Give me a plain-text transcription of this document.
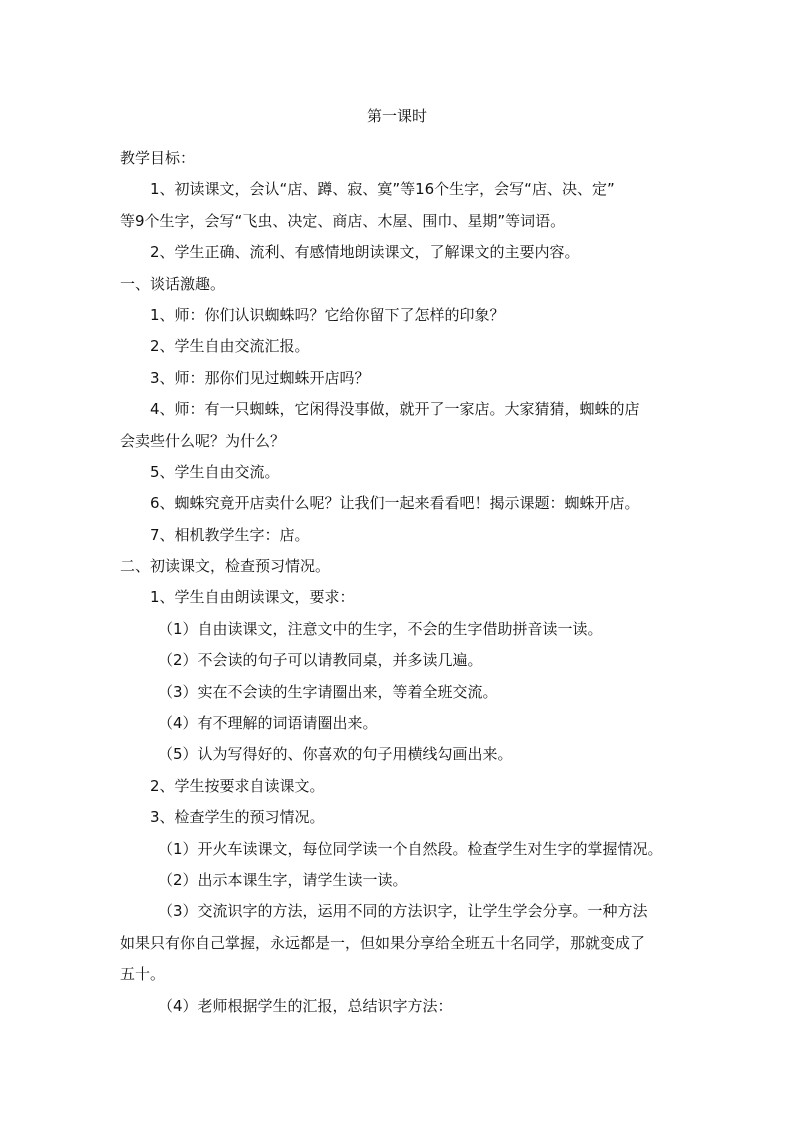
第一课时
教学目标：
1、初读课文，会认“店、蹲、寂、寞”等16个生字，会写“店、决、定”
等9个生字，会写“飞虫、决定、商店、木屋、围巾、星期”等词语。
2、学生正确、流利、有感情地朗读课文，了解课文的主要内容。
一、谈话激趣。
1、师：你们认识蜘蛛吗？它给你留下了怎样的印象？
2、学生自由交流汇报。
3、师：那你们见过蜘蛛开店吗？
4、师：有一只蜘蛛，它闲得没事做，就开了一家店。大家猜猜，蜘蛛的店
会卖些什么呢？为什么？
5、学生自由交流。
6、蜘蛛究竟开店卖什么呢？让我们一起来看看吧！揭示课题：蜘蛛开店。
7、相机教学生字：店。
二、初读课文，检查预习情况。
1、学生自由朗读课文，要求：
（1）自由读课文，注意文中的生字，不会的生字借助拼音读一读。
（2）不会读的句子可以请教同桌，并多读几遍。
（3）实在不会读的生字请圈出来，等着全班交流。
（4）有不理解的词语请圈出来。
（5）认为写得好的、你喜欢的句子用横线勾画出来。
2、学生按要求自读课文。
3、检查学生的预习情况。
（1）开火车读课文，每位同学读一个自然段。检查学生对生字的掌握情况。
（2）出示本课生字，请学生读一读。
（3）交流识字的方法，运用不同的方法识字，让学生学会分享。一种方法
如果只有你自己掌握，永远都是一，但如果分享给全班五十名同学，那就变成了
五十。
（4）老师根据学生的汇报，总结识字方法：
